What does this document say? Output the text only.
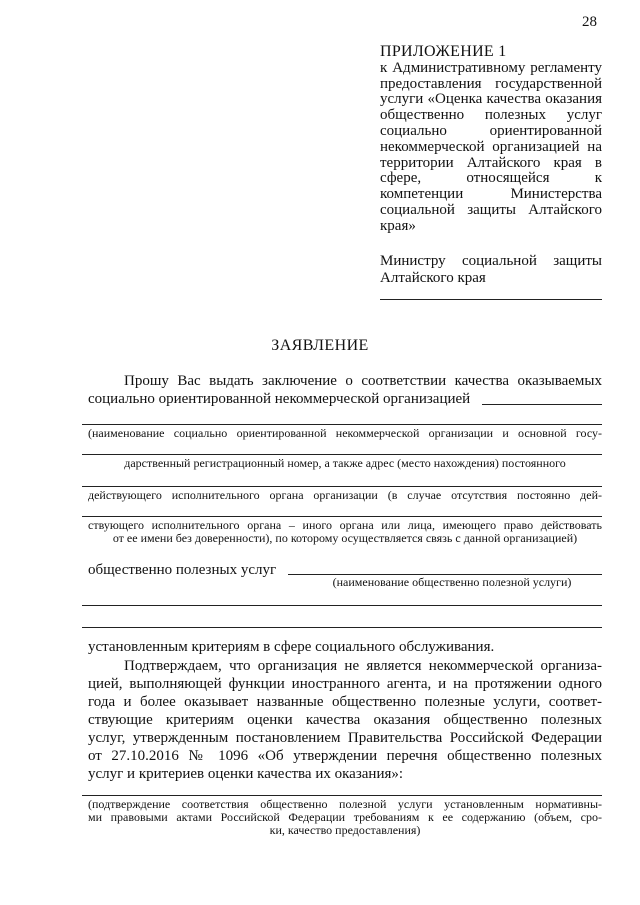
28
ПРИЛОЖЕНИЕ 1
к Административному регламенту предоставления государственной услуги «Оценка качества оказания общественно полезных услуг социально ориентированной некоммерческой организацией на территории Алтайского края в сфере, относящейся к компетенции Министерства социальной защиты Алтайского края»
Министру социальной защиты Алтайского края
ЗАЯВЛЕНИЕ
Прошу Вас выдать заключение о соответствии качества оказываемых
социально ориентированной некоммерческой организацией
(наименование социально ориентированной некоммерческой организации и основной госу-
дарственный регистрационный номер, а также адрес (место нахождения) постоянного
действующего исполнительного органа организации (в случае отсутствия постоянно дей-
ствующего исполнительного органа – иного органа или лица, имеющего право действовать
от ее имени без доверенности), по которому осуществляется связь с данной организацией)
общественно полезных услуг
(наименование общественно полезной услуги)
установленным критериям в сфере социального обслуживания.
Подтверждаем, что организация не является некоммерческой организа-
цией, выполняющей функции иностранного агента, и на протяжении одного
года и более оказывает названные общественно полезные услуги, соответ-
ствующие критериям оценки качества оказания общественно полезных
услуг, утвержденным постановлением Правительства Российской Федерации
от 27.10.2016 № 1096 «Об утверждении перечня общественно полезных
услуг и критериев оценки качества их оказания»:
(подтверждение соответствия общественно полезной услуги установленным нормативны-
ми правовыми актами Российской Федерации требованиям к ее содержанию (объем, сро-
ки, качество предоставления)
